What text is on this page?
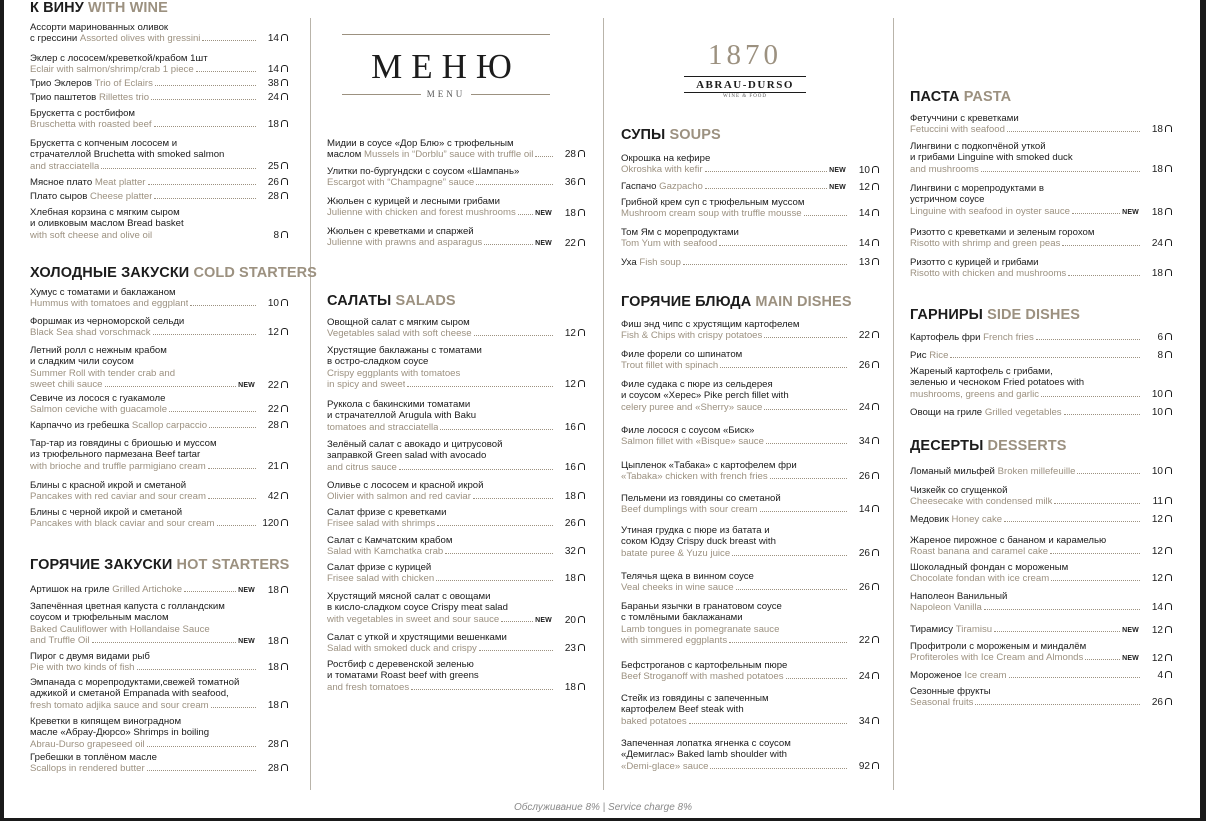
К ВИНУ WITH WINE
Ассорти маринованных оливок
с грессини Assorted olives with gressini	14
Эклер с лососем/креветкой/крабом 1шт
Eclair with salmon/shrimp/crab 1 piece	14
Трио Эклеров Trio of Eclairs	38
Трио паштетов Rillettes trio	24
Брускетта с ростбифом
Bruschetta with roasted beef	18
Брускетта с копченым лососем и
страчателлой Bruchetta with smoked salmon
and stracciatella	25
Мясное плато Meat platter	26
Плато сыров Cheese platter	28
Хлебная корзина с мягким сыром
и оливковым маслом Bread basket
with soft cheese and olive oil	8
ХОЛОДНЫЕ ЗАКУСКИ COLD STARTERS
Хумус с томатами и баклажаном
Hummus with tomatoes and eggplant	10
Форшмак из черноморской сельди
Black Sea shad vorschmack	12
Летний ролл с нежным крабом
и сладким чили соусом
Summer Roll with tender crab and
sweet chili sauce	NEW	22
Севиче из лосося с гуакамоле
Salmon ceviche with guacamole	22
Карпаччо из гребешка Scallop carpaccio	28
Тар-тар из говядины с бриошью и муссом
из трюфельного пармезана Beef tartar
with brioche and truffle parmigiano cream	21
Блины с красной икрой и сметаной
Pancakes with red caviar and sour cream	42
Блины с черной икрой и сметаной
Pancakes with black caviar and sour cream	120
ГОРЯЧИЕ ЗАКУСКИ HOT STARTERS
Артишок на гриле Grilled Artichoke	NEW	18
Запечённая цветная капуста с голландским
соусом и трюфельным маслом
Baked Cauliflower with Hollandaise Sauce
and Truffle Oil	NEW	18
Пирог с двумя видами рыб
Pie with two kinds of fish	18
Эмпанада с морепродуктами,свежей томатной
аджикой и сметаной Empanada with seafood,
fresh tomato adjika sauce and sour cream	18
Креветки в кипящем виноградном
масле «Абрау-Дюрсо» Shrimps in boiling
Abrau-Durso grapeseed oil	28
Гребешки в топлёном масле
Scallops in rendered butter	28
МЕНЮ
MENU
Мидии в соусе «Дор Блю» с трюфельным
маслом Mussels in “Dorblu” sauce with truffle oil	28
Улитки по-бургундски с соусом «Шампань»
Escargot with “Champagne” sauce	36
Жюльен с курицей и лесными грибами
Julienne with chicken and forest mushrooms	NEW	18
Жюльен с креветками и спаржей
Julienne with prawns and asparagus	NEW	22
САЛАТЫ SALADS
Овощной салат с мягким сыром
Vegetables salad with soft cheese	12
Хрустящие баклажаны с томатами
в остро-сладком соусе
Crispy eggplants with tomatoes
in spicy and sweet	12
Руккола с бакинскими томатами
и страчателлой Arugula with Baku
tomatoes and stracciatella	16
Зелёный салат с авокадо и цитрусовой
заправкой Green salad with avocado
and citrus sauce	16
Оливье с лососем и красной икрой
Olivier with salmon and red caviar	18
Салат фризе с креветками
Frisee salad with shrimps	26
Салат с Камчатским крабом
Salad with Kamchatka crab	32
Салат фризе с курицей
Frisee salad with chicken	18
Хрустящий мясной салат с овощами
в кисло-сладком соусе Crispy meat salad
with vegetables in sweet and sour sauce	NEW	20
Салат с уткой и хрустящими вешенками
Salad with smoked duck and crispy	23
Ростбиф с деревенской зеленью
и томатами Roast beef with greens
and fresh tomatoes	18
1870
ABRAU-DURSO
WINE & FOOD
СУПЫ SOUPS
Окрошка на кефире
Okroshka with kefir	NEW	10
Гаспачо Gazpacho	NEW	12
Грибной крем суп с трюфельным муссом
Mushroom cream soup with truffle mousse	14
Том Ям с морепродуктами
Tom Yum with seafood	14
Уха Fish soup	13
ГОРЯЧИЕ БЛЮДА MAIN DISHES
Фиш энд чипс с хрустящим картофелем
Fish & Chips with crispy potatoes	22
Филе форели со шпинатом
Trout fillet with spinach	26
Филе судака с пюре из сельдерея
и соусом «Херес» Pike perch fillet with
celery puree and «Sherry» sauce	24
Филе лосося с соусом «Биск»
Salmon fillet with «Bisque» sauce	34
Цыпленок «Табака» с картофелем фри
«Tabaka» chicken with french fries	26
Пельмени из говядины со сметаной
Beef dumplings with sour cream	14
Утиная грудка с пюре из батата и
соком Юдзу Crispy duck breast with
batate puree & Yuzu juice	26
Телячья щека в винном соусе
Veal cheeks in wine sauce	26
Бараньи язычки в гранатовом соусе
с томлёными баклажанами
Lamb tongues in pomegranate sauce
with simmered eggplants	22
Бефстроганов с картофельным пюре
Beef Stroganoff with mashed potatoes	24
Стейк из говядины с запеченным
картофелем Beef steak with
baked potatoes	34
Запеченная лопатка ягненка с соусом
«Демиглас» Baked lamb shoulder with
«Demi-glace» sauce	92
ПАСТА PASTA
Фетуччини с креветками
Fetuccini with seafood	18
Лингвини с подкопчёной уткой
и грибами Linguine with smoked duck
and mushrooms	18
Лингвини с морепродуктами в
устричном соусе
Linguine with seafood in oyster sauce	NEW	18
Ризотто с креветками и зеленым горохом
Risotto with shrimp and green peas	24
Ризотто с курицей и грибами
Risotto with chicken and mushrooms	18
ГАРНИРЫ SIDE DISHES
Картофель фри French fries	6
Рис Rice	8
Жареный картофель с грибами,
зеленью и чесноком Fried potatoes with
mushrooms, greens and garlic	10
Овощи на гриле Grilled vegetables	10
ДЕСЕРТЫ DESSERTS
Ломаный мильфей Broken millefeuille	10
Чизкейк со сгущенкой
Cheesecake with condensed milk	11
Медовик Honey cake	12
Жареное пирожное с бананом и карамелью
Roast banana and caramel cake	12
Шоколадный фондан с мороженым
Chocolate fondan with ice cream	12
Наполеон Ванильный
Napoleon Vanilla	14
Тирамису Tiramisu	NEW	12
Профитроли с мороженым и миндалём
Profiteroles with Ice Cream and Almonds	NEW	12
Мороженое Ice cream	4
Сезонные фрукты
Seasonal fruits	26
Обслуживание 8% | Service charge 8%
